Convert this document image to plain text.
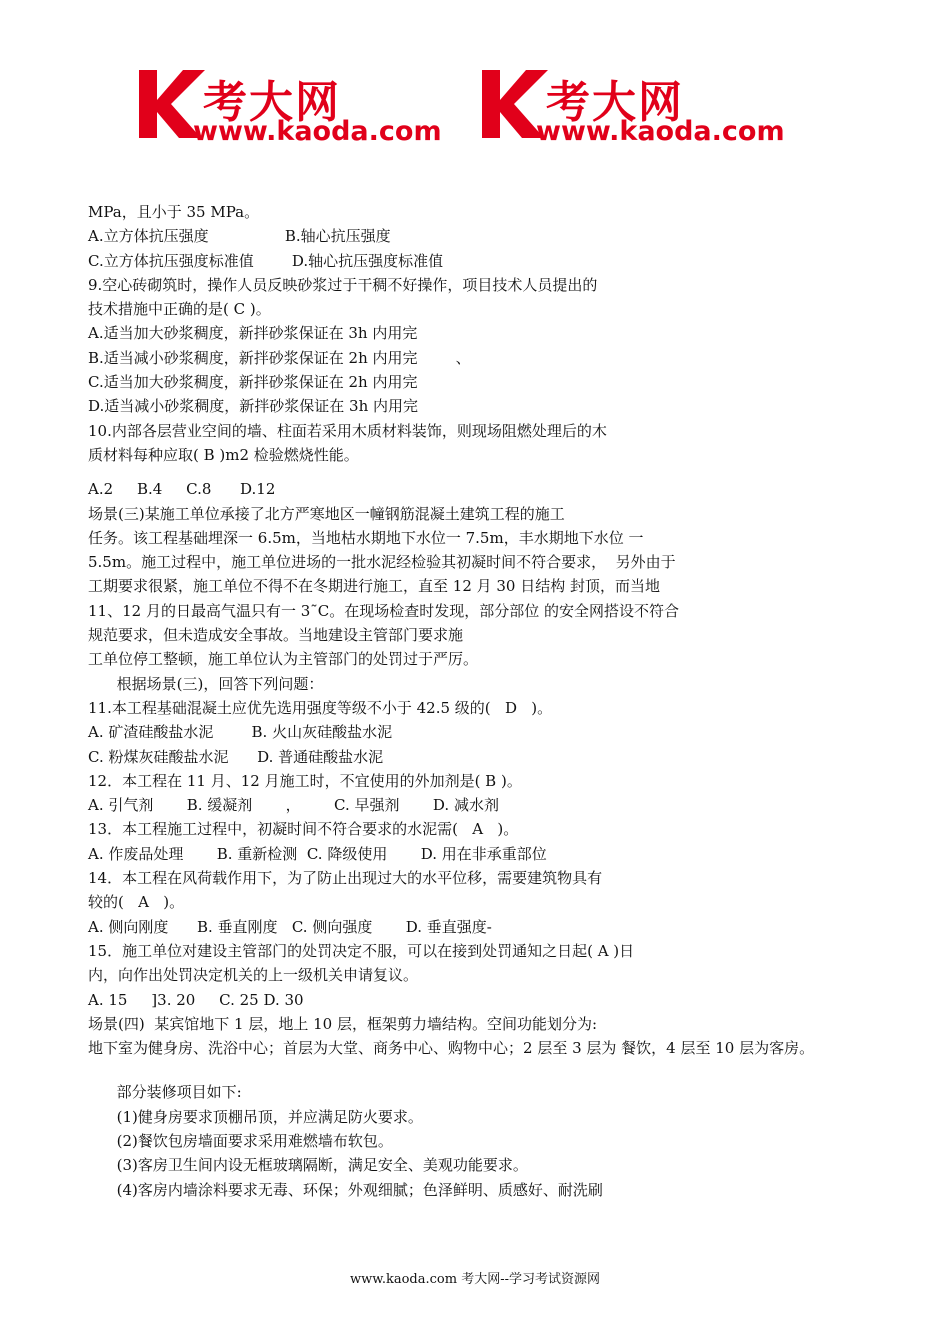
考大网
www.kaoda.com
考大网
www.kaoda.com
MPa，且小于 35 MPa。
A.立方体抗压强度                B.轴心抗压强度
C.立方体抗压强度标准值        D.轴心抗压强度标准值
9.空心砖砌筑时，操作人员反映砂浆过于干稠不好操作，项目技术人员提出的
技术措施中正确的是( C )。
A.适当加大砂浆稠度，新拌砂浆保证在 3h 内用完
B.适当减小砂浆稠度，新拌砂浆保证在 2h 内用完        、
C.适当加大砂浆稠度，新拌砂浆保证在 2h 内用完
D.适当减小砂浆稠度，新拌砂浆保证在 3h 内用完
10.内部各层营业空间的墙、柱面若采用木质材料装饰，则现场阻燃处理后的木
质材料每种应取( B )m2 检验燃烧性能。
A.2     B.4     C.8      D.12
场景(三)某施工单位承接了北方严寒地区一幢钢筋混凝土建筑工程的施工
任务。该工程基础埋深一 6.5m，当地枯水期地下水位一 7.5m，丰水期地下水位 一
5.5m。施工过程中，施工单位进场的一批水泥经检验其初凝时间不符合要求，  另外由于
工期要求很紧，施工单位不得不在冬期进行施工，直至 12 月 30 日结构 封顶，而当地
11、12 月的日最高气温只有一 3˜C。在现场检查时发现，部分部位 的安全网搭设不符合
规范要求，但未造成安全事故。当地建设主管部门要求施
工单位停工整顿，施工单位认为主管部门的处罚过于严厉。
根据场景(三)，回答下列问题：
11.本工程基础混凝土应优先选用强度等级不小于 42.5 级的(   D   )。
A. 矿渣硅酸盐水泥        B. 火山灰硅酸盐水泥
C. 粉煤灰硅酸盐水泥      D. 普通硅酸盐水泥
12．本工程在 11 月、12 月施工时，不宜使用的外加剂是( B )。
A. 引气剂       B. 缓凝剂       ，       C. 早强剂       D. 减水剂
13．本工程施工过程中，初凝时间不符合要求的水泥需(   A   )。
A. 作废品处理       B. 重新检测  C. 降级使用       D. 用在非承重部位
14．本工程在风荷载作用下，为了防止出现过大的水平位移，需要建筑物具有
较的(   A   )。
A. 侧向刚度      B. 垂直刚度   C. 侧向强度       D. 垂直强度-
15．施工单位对建设主管部门的处罚决定不服，可以在接到处罚通知之日起( A )日
内，向作出处罚决定机关的上一级机关申请复议。
A. 15     ]3. 20     C. 25 D. 30
场景(四)  某宾馆地下 1 层，地上 10 层，框架剪力墙结构。空间功能划分为:
地下室为健身房、洗浴中心；首层为大堂、商务中心、购物中心；2 层至 3 层为 餐饮，4 层至 10 层为客房。
部分装修项目如下:
(1)健身房要求顶棚吊顶，并应满足防火要求。
(2)餐饮包房墙面要求采用难燃墙布软包。
(3)客房卫生间内设无框玻璃隔断，满足安全、美观功能要求。
(4)客房内墙涂料要求无毒、环保；外观细腻；色泽鲜明、质感好、耐洗刷
www.kaoda.com 考大网--学习考试资源网
